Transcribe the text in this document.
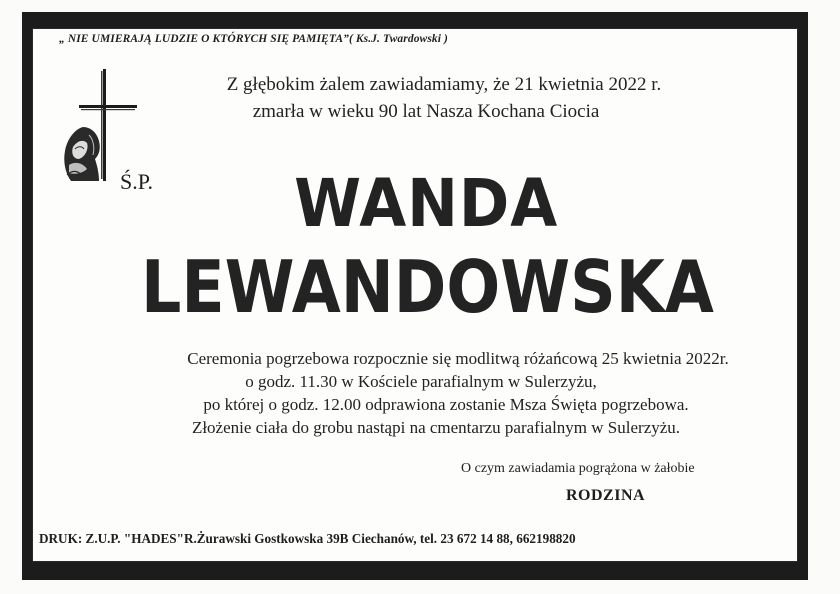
„ NIE UMIERAJĄ LUDZIE O KTÓRYCH SIĘ PAMIĘTA”( Ks.J. Twardowski )
Z głębokim żalem zawiadamiamy, że 21 kwietnia 2022 r.
zmarła w wieku 90 lat Nasza Kochana Ciocia
Ś.P.	WANDA
LEWANDOWSKA
Ceremonia pogrzebowa rozpocznie się modlitwą różańcową 25 kwietnia 2022r.
o godz. 11.30 w Kościele parafialnym w Sulerzyżu,
po której o godz. 12.00 odprawiona zostanie Msza Święta pogrzebowa.
Złożenie ciała do grobu nastąpi na cmentarzu parafialnym w Sulerzyżu.
O czym zawiadamia pogrążona w żałobie
RODZINA
DRUK: Z.U.P. "HADES"R.Żurawski Gostkowska 39B Ciechanów, tel. 23 672 14 88, 662198820
